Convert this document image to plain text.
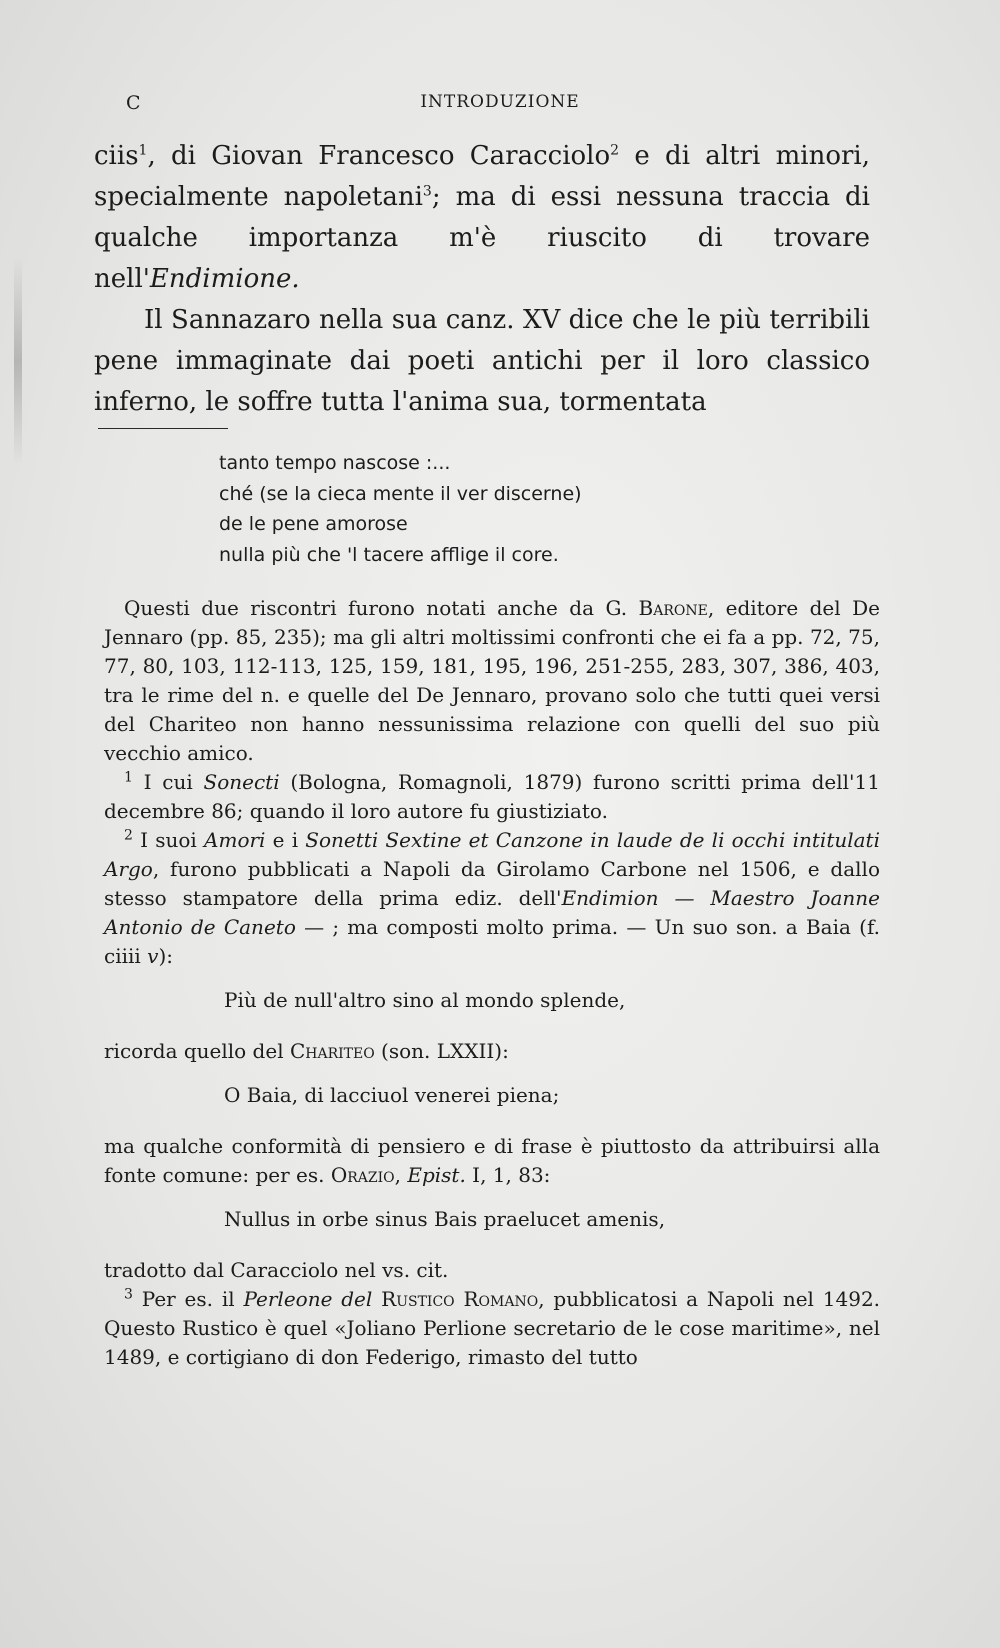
C	INTRODUZIONE

ciis$^1$, di Giovan Francesco Caracciolo$^2$ e di altri minori, specialmente napoletani$^3$; ma di essi nessuna traccia di qualche importanza m'è riuscito di trovare nell'Endimione.

Il Sannazaro nella sua canz. XV dice che le più terribili pene immaginate dai poeti antichi per il loro classico inferno, le soffre tutta l'anima sua, tormentata

tanto tempo nascose :...
ché (se la cieca mente il ver discerne)
de le pene amorose
nulla più che 'l tacere afflige il core.

Questi due riscontri furono notati anche da G. Barone, editore del De Jennaro (pp. 85, 235); ma gli altri moltissimi confronti che ei fa a pp. 72, 75, 77, 80, 103, 112-113, 125, 159, 181, 195, 196, 251-255, 283, 307, 386, 403, tra le rime del n. e quelle del De Jennaro, provano solo che tutti quei versi del Chariteo non hanno nessunissima relazione con quelli del suo più vecchio amico.

$^1$ I cui Sonecti (Bologna, Romagnoli, 1879) furono scritti prima dell'11 decembre 86; quando il loro autore fu giustiziato.

$^2$ I suoi Amori e i Sonetti Sextine et Canzone in laude de li occhi intitulati Argo, furono pubblicati a Napoli da Girolamo Carbone nel 1506, e dallo stesso stampatore della prima ediz. dell'Endimion — Maestro Joanne Antonio de Caneto — ; ma composti molto prima. — Un suo son. a Baia (f. ciiii v):

Più de null'altro sino al mondo splende,

ricorda quello del Chariteo (son. LXXII):

O Baia, di lacciuol venerei piena;

ma qualche conformità di pensiero e di frase è piuttosto da attribuirsi alla fonte comune: per es. Orazio, Epist. I, 1, 83:

Nullus in orbe sinus Bais praelucet amenis,

tradotto dal Caracciolo nel vs. cit.

$^3$ Per es. il Perleone del Rustico Romano, pubblicatosi a Napoli nel 1492. Questo Rustico è quel «Joliano Perlione secretario de le cose maritime», nel 1489, e cortigiano di don Federigo, rimasto del tutto
